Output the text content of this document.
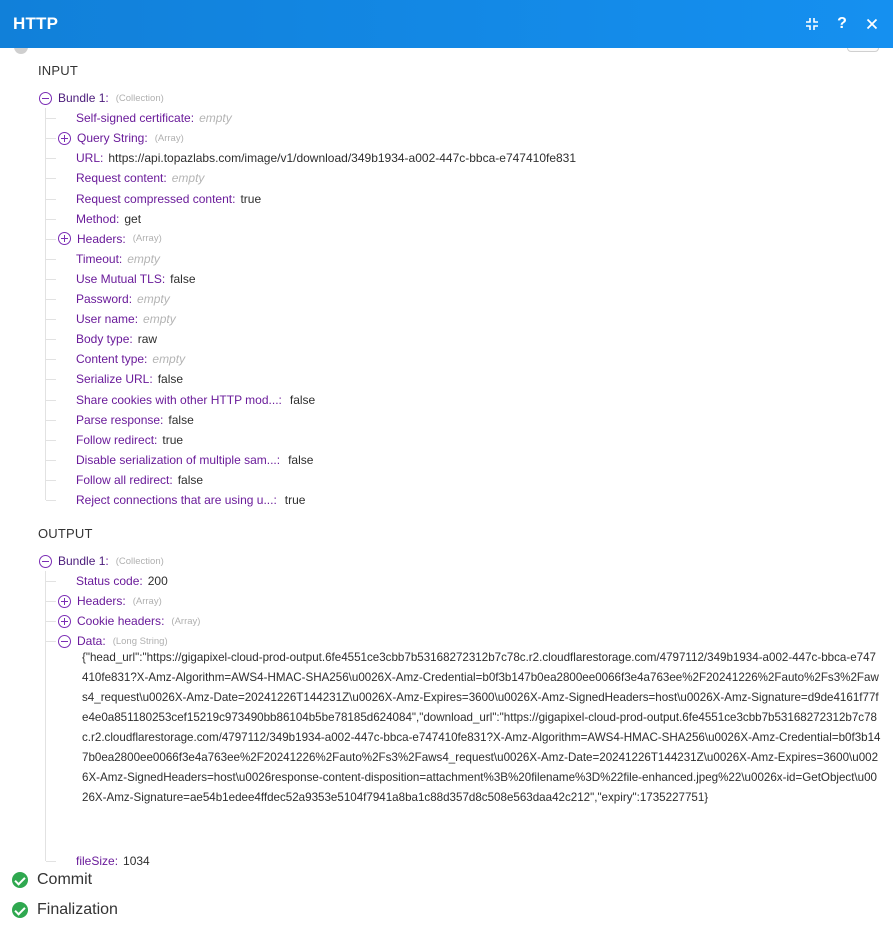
HTTP	?
INPUT
Bundle 1 : (Collection)
Self-signed certificate : empty
Query String : (Array)
URL : https://api.topazlabs.com/image/v1/download/349b1934-a002-447c-bbca-e747410fe831
Request content : empty
Request compressed content : true
Method : get
Headers : (Array)
Timeout : empty
Use Mutual TLS : false
Password : empty
User name : empty
Body type : raw
Content type : empty
Serialize URL : false
Share cookies with other HTTP mod... : false
Parse response : false
Follow redirect : true
Disable serialization of multiple sam... : false
Follow all redirect : false
Reject connections that are using u... : true
OUTPUT
Bundle 1 : (Collection)
Status code : 200
Headers : (Array)
Cookie headers : (Array)
Data : (Long String)
{"head_url":"https://gigapixel-cloud-prod-output.6fe4551ce3cbb7b53168272312b7c78c.r2.cloudflarestorage.com/4797112/349b1934-a002-447c-bbca-e747410fe831?X-Amz-Algorithm=AWS4-HMAC-SHA256\u0026X-Amz-Credential=b0f3b147b0ea2800ee0066f3e4a763ee%2F20241226%2Fauto%2Fs3%2Faws4_request\u0026X-Amz-Date=20241226T144231Z\u0026X-Amz-Expires=3600\u0026X-Amz-SignedHeaders=host\u0026X-Amz-Signature=d9de4161f77fe4e0a851180253cef15219c973490bb86104b5be78185d624084","download_url":"https://gigapixel-cloud-prod-output.6fe4551ce3cbb7b53168272312b7c78c.r2.cloudflarestorage.com/4797112/349b1934-a002-447c-bbca-e747410fe831?X-Amz-Algorithm=AWS4-HMAC-SHA256\u0026X-Amz-Credential=b0f3b147b0ea2800ee0066f3e4a763ee%2F20241226%2Fauto%2Fs3%2Faws4_request\u0026X-Amz-Date=20241226T144231Z\u0026X-Amz-Expires=3600\u0026X-Amz-SignedHeaders=host\u0026response-content-disposition=attachment%3B%20filename%3D%22file-enhanced.jpeg%22\u0026x-id=GetObject\u0026X-Amz-Signature=ae54b1edee4ffdec52a9353e5104f7941a8ba1c88d357d8c508e563daa42c212","expiry":1735227751}
fileSize : 1034
Commit
Finalization
